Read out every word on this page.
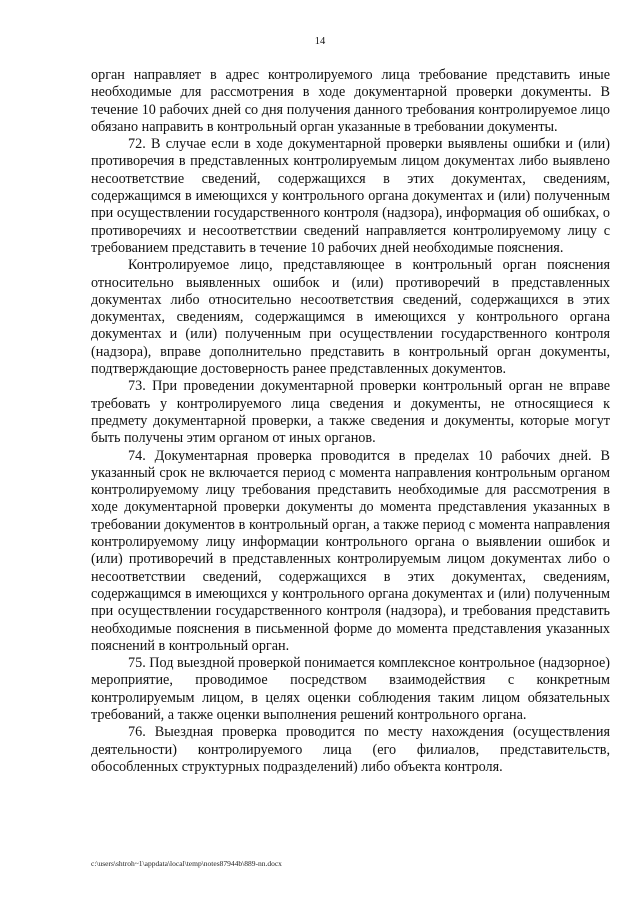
14

орган направляет в адрес контролируемого лица требование представить иные необходимые для рассмотрения в ходе документарной проверки документы. В течение 10 рабочих дней со дня получения данного требования контролируемое лицо обязано направить в контрольный орган указанные в требовании документы.

72. В случае если в ходе документарной проверки выявлены ошибки и (или) противоречия в представленных контролируемым лицом документах либо выявлено несоответствие сведений, содержащихся в этих документах, сведениям, содержащимся в имеющихся у контрольного органа документах и (или) полученным при осуществлении государственного контроля (надзора), информация об ошибках, о противоречиях и несоответствии сведений направляется контролируемому лицу с требованием представить в течение 10 рабочих дней необходимые пояснения.

Контролируемое лицо, представляющее в контрольный орган пояснения относительно выявленных ошибок и (или) противоречий в представленных документах либо относительно несоответствия сведений, содержащихся в этих документах, сведениям, содержащимся в имеющихся у контрольного органа документах и (или) полученным при осуществлении государственного контроля (надзора), вправе дополнительно представить в контрольный орган документы, подтверждающие достоверность ранее представленных документов.

73. При проведении документарной проверки контрольный орган не вправе требовать у контролируемого лица сведения и документы, не относящиеся к предмету документарной проверки, а также сведения и документы, которые могут быть получены этим органом от иных органов.

74. Документарная проверка проводится в пределах 10 рабочих дней. В указанный срок не включается период с момента направления контрольным органом контролируемому лицу требования представить необходимые для рассмотрения в ходе документарной проверки документы до момента представления указанных в требовании документов в контрольный орган, а также период с момента направления контролируемому лицу информации контрольного органа о выявлении ошибок и (или) противоречий в представленных контролируемым лицом документах либо о несоответствии сведений, содержащихся в этих документах, сведениям, содержащимся в имеющихся у контрольного органа документах и (или) полученным при осуществлении государственного контроля (надзора), и требования представить необходимые пояснения в письменной форме до момента представления указанных пояснений в контрольный орган.

75. Под выездной проверкой понимается комплексное контрольное (надзорное) мероприятие, проводимое посредством взаимодействия с конкретным контролируемым лицом, в целях оценки соблюдения таким лицом обязательных требований, а также оценки выполнения решений контрольного органа.

76. Выездная проверка проводится по месту нахождения (осуществления деятельности) контролируемого лица (его филиалов, представительств, обособленных структурных подразделений) либо объекта контроля.

c:\users\shtroh~1\appdata\local\temp\notes87944b\889-nn.docx
